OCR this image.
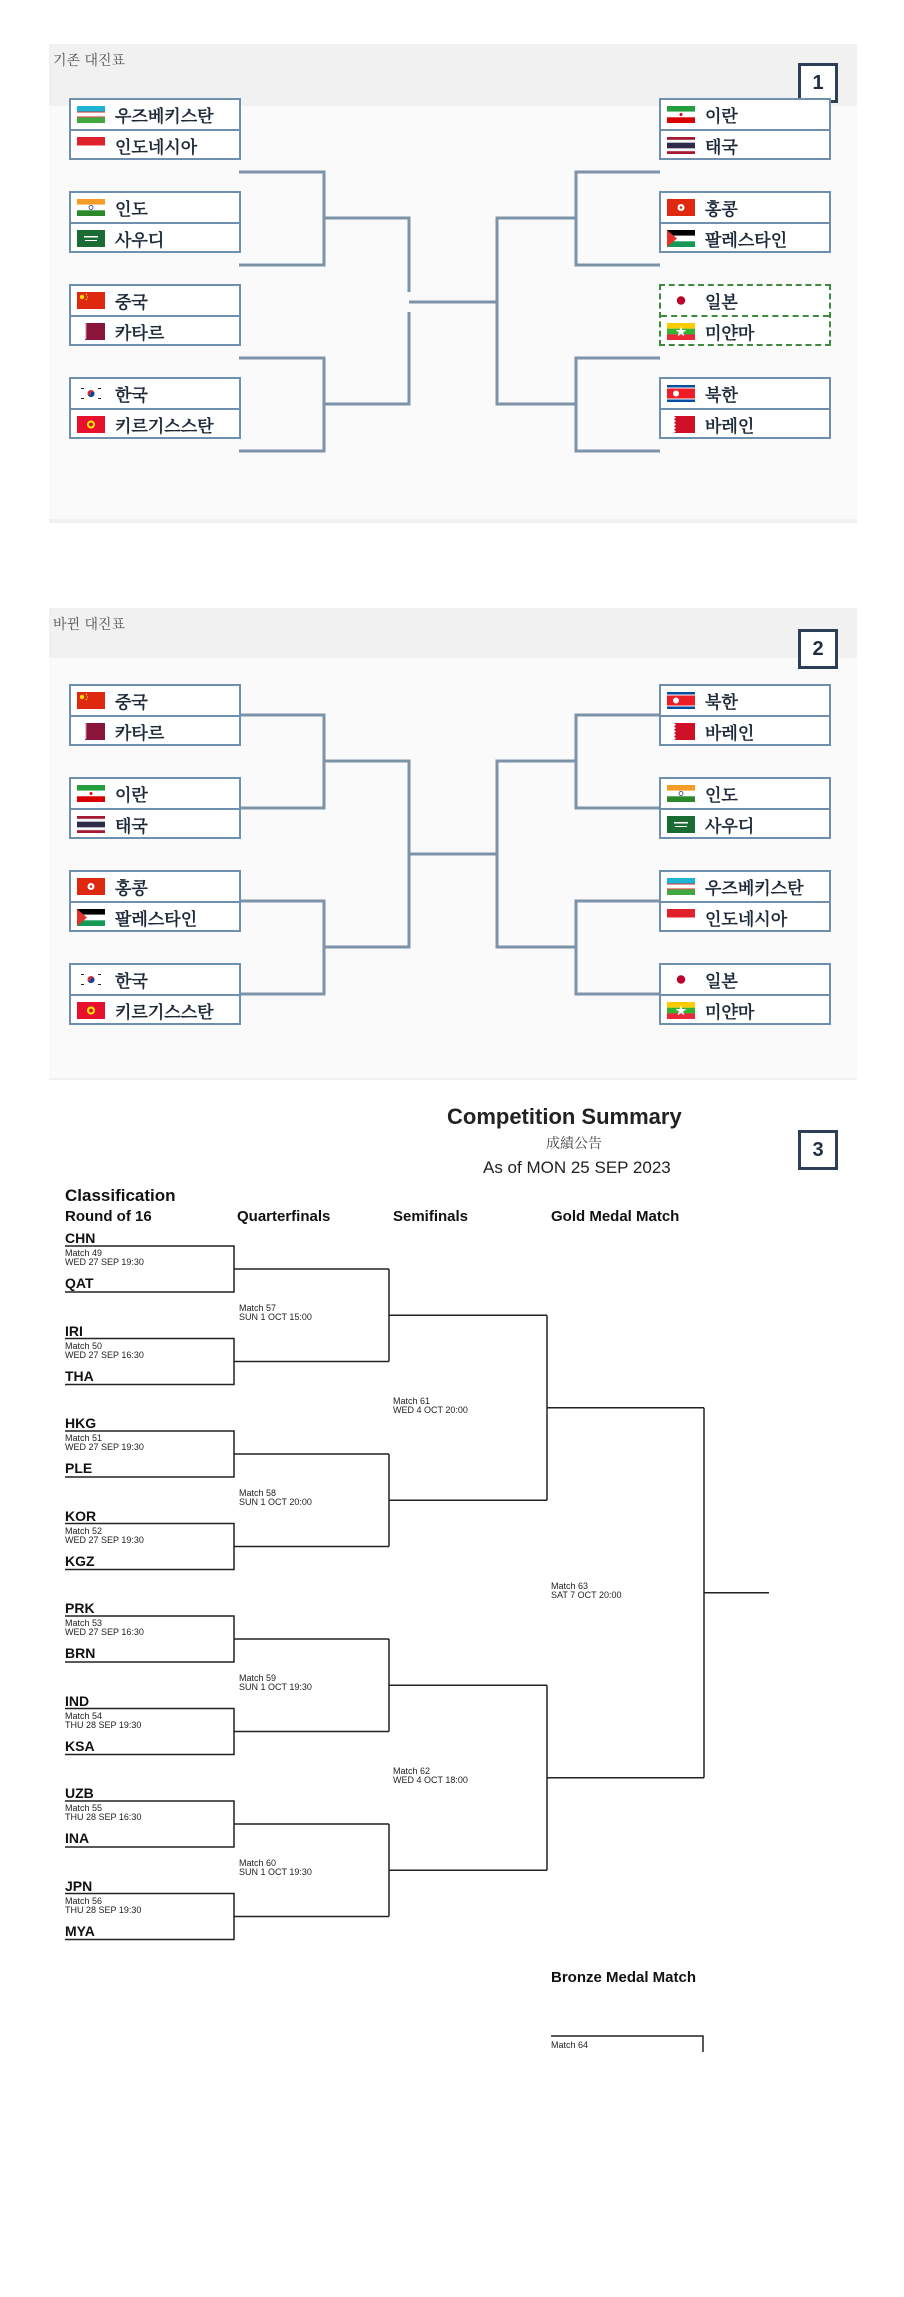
기존 대진표
1
우즈베키스탄
인도네시아
인도
사우디
중국
카타르
한국
키르기스스탄
이란
태국
홍콩
팔레스타인
일본
미얀마
북한
바레인
바뀐 대진표
2
중국
카타르
이란
태국
홍콩
팔레스타인
한국
키르기스스탄
북한
바레인
인도
사우디
우즈베키스탄
인도네시아
일본
미얀마
3
Competition Summary
成績公告
As of MON 25 SEP 2023
Classification
Round of 16	Quarterfinals	Semifinals	Gold Medal Match
Bronze Medal Match
CHN
Match 49
WED 27 SEP 19:30
QAT
IRI
Match 50
WED 27 SEP 16:30
THA
HKG
Match 51
WED 27 SEP 19:30
PLE
KOR
Match 52
WED 27 SEP 19:30
KGZ
PRK
Match 53
WED 27 SEP 16:30
BRN
IND
Match 54
THU 28 SEP 19:30
KSA
UZB
Match 55
THU 28 SEP 16:30
INA
JPN
Match 56
THU 28 SEP 19:30
MYA
Match 57
SUN 1 OCT 15:00
Match 58
SUN 1 OCT 20:00
Match 59
SUN 1 OCT 19:30
Match 60
SUN 1 OCT 19:30
Match 61
WED 4 OCT 20:00
Match 62
WED 4 OCT 18:00
Match 63
SAT 7 OCT 20:00
Match 64
